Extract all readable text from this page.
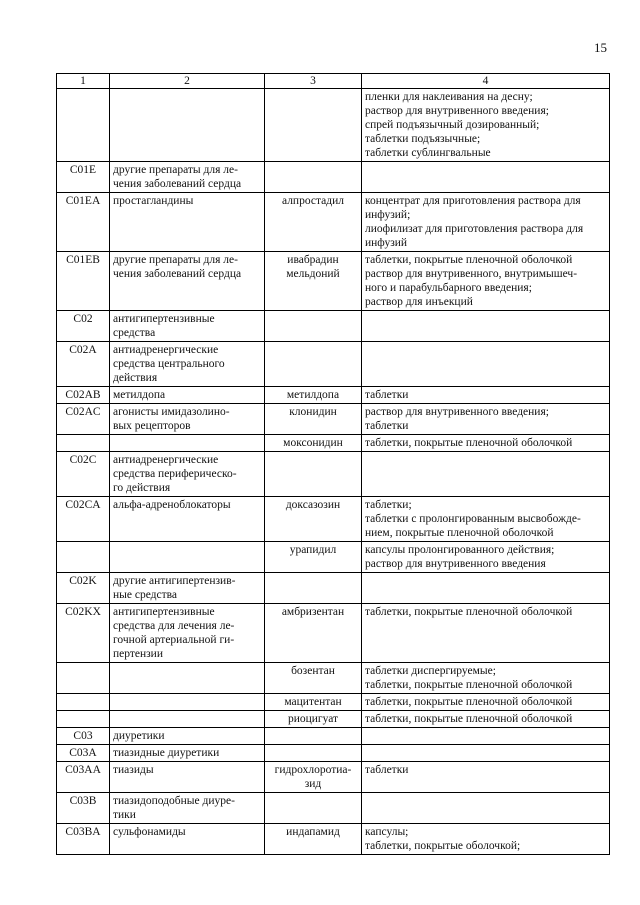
15
1	2	3	4

			пленки для наклеивания на десну;
раствор для внутривенного введения;
спрей подъязычный дозированный;
таблетки подъязычные;
таблетки сублингвальные

C01E	другие препараты для ле-
чения заболеваний сердца		

C01EA	простагландины	алпростадил	концентрат для приготовления раствора для
инфузий;
лиофилизат для приготовления раствора для
инфузий

C01EB	другие препараты для ле-
чения заболеваний сердца	ивабрадин
мельдоний	таблетки, покрытые пленочной оболочкой
раствор для внутривенного, внутримышеч-
ного и парабульбарного введения;
раствор для инъекций

C02	антигипертензивные
средства		

C02A	антиадренергические
средства центрального
действия		

C02AB	метилдопа	метилдопа	таблетки

C02AC	агонисты имидазолино-
вых рецепторов	клонидин	раствор для внутривенного введения;
таблетки

		моксонидин	таблетки, покрытые пленочной оболочкой

C02C	антиадренергические
средства периферическо-
го действия		

C02CA	альфа-адреноблокаторы	доксазозин	таблетки;
таблетки с пролонгированным высвобожде-
нием, покрытые пленочной оболочкой

		урапидил	капсулы пролонгированного действия;
раствор для внутривенного введения

C02K	другие антигипертензив-
ные средства		

C02KX	антигипертензивные
средства для лечения ле-
гочной артериальной ги-
пертензии	амбризентан	таблетки, покрытые пленочной оболочкой

		бозентан	таблетки диспергируемые;
таблетки, покрытые пленочной оболочкой

		мацитентан	таблетки, покрытые пленочной оболочкой

		риоцигуат	таблетки, покрытые пленочной оболочкой

C03	диуретики		

C03A	тиазидные диуретики		

C03AA	тиазиды	гидрохлоротиа-
зид	таблетки

C03B	тиазидоподобные диуре-
тики		

C03BA	сульфонамиды	индапамид	капсулы;
таблетки, покрытые оболочкой;
